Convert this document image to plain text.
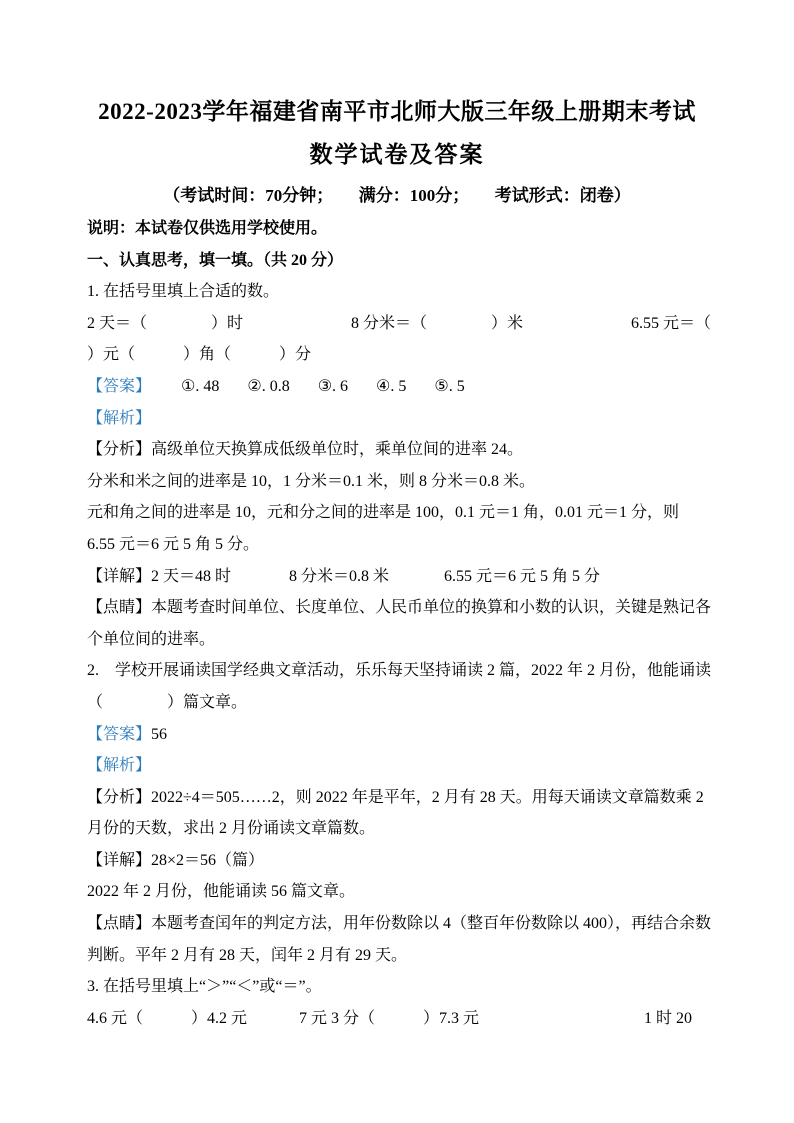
2022-2023学年福建省南平市北师大版三年级上册期末考试
数学试卷及答案
（考试时间：70分钟；　　满分：100分；　　考试形式：闭卷）
说明：本试卷仅供选用学校使用。
一、认真思考，填一填。（共 20 分）
1. 在括号里填上合适的数。
2 天＝（　　　　）时	8 分米＝（　　　　）米	6.55 元＝（
）元（　　　）角（　　　）分
【答案】 ①. 48 ②. 0.8 ③. 6 ④. 5 ⑤. 5
【解析】
【分析】高级单位天换算成低级单位时，乘单位间的进率 24。
分米和米之间的进率是 10，1 分米＝0.1 米，则 8 分米＝0.8 米。
元和角之间的进率是 10，元和分之间的进率是 100，0.1 元＝1 角，0.01 元＝1 分，则
6.55 元＝6 元 5 角 5 分。
【详解】2 天＝48 时	8 分米＝0.8 米	6.55 元＝6 元 5 角 5 分
【点睛】本题考查时间单位、长度单位、人民币单位的换算和小数的认识，关键是熟记各
个单位间的进率。
2.　学校开展诵读国学经典文章活动，乐乐每天坚持诵读 2 篇，2022 年 2 月份，他能诵读
（　　　　）篇文章。
【答案】56
【解析】
【分析】2022÷4＝505……2，则 2022 年是平年，2 月有 28 天。用每天诵读文章篇数乘 2
月份的天数，求出 2 月份诵读文章篇数。
【详解】28×2＝56（篇）
2022 年 2 月份，他能诵读 56 篇文章。
【点睛】本题考查闰年的判定方法，用年份数除以 4（整百年份数除以 400），再结合余数
判断。平年 2 月有 28 天，闰年 2 月有 29 天。
3. 在括号里填上“＞”“＜”或“＝”。
4.6 元（　　　）4.2 元	7 元 3 分（　　　）7.3 元	1 时 20
